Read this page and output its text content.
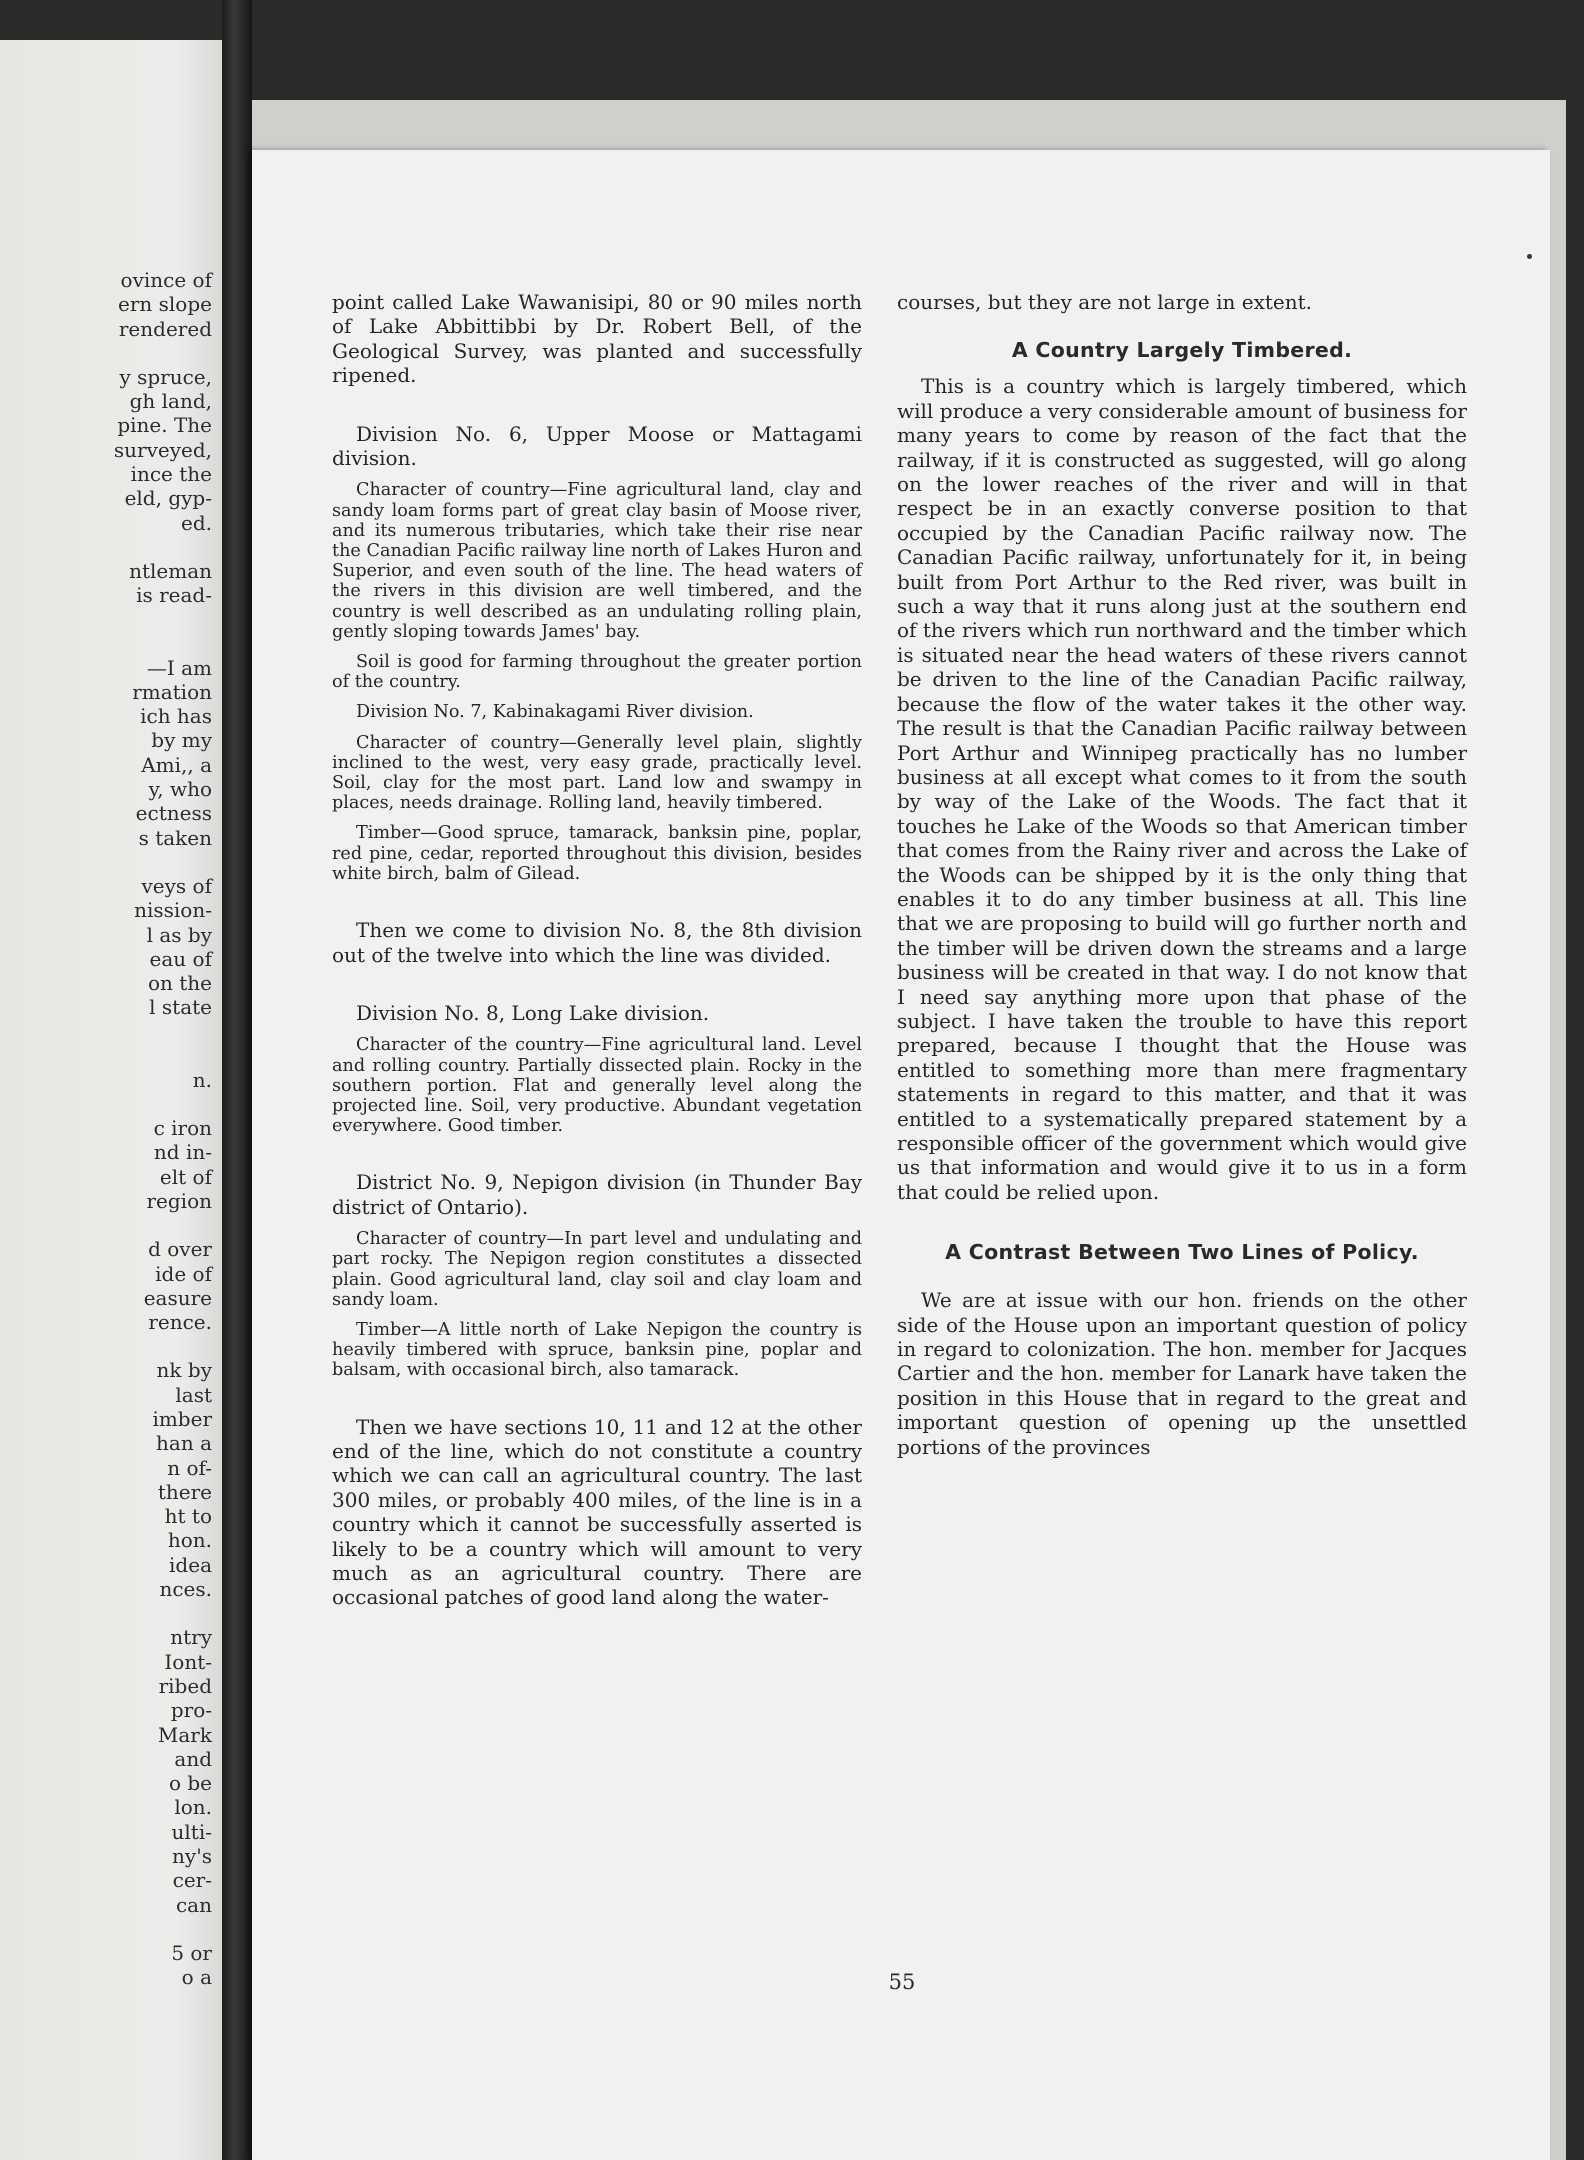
ovince of
ern slope
rendered
y spruce,
gh land,
pine. The
surveyed,
ince the
eld, gyp-
ed.
ntleman
is read-
—I am
rmation
ich has
by my
Ami,, a
y, who
ectness
s taken
veys of
nission-
l as by
eau of
on the
l state
n.
c iron
nd in-
elt of
region
d over
ide of
easure
rence.
nk by
last
imber
han a
n of-
there
ht to
hon.
idea
nces.
ntry
Iont-
ribed
pro-
Mark
and
o be
lon.
ulti-
ny's
cer-
can
5 or
o a

point called Lake Wawanisipi, 80 or 90 miles north of Lake Abbittibbi by Dr. Robert Bell, of the Geological Survey, was planted and successfully ripened.

Division No. 6, Upper Moose or Mattagami division.

Character of country—Fine agricultural land, clay and sandy loam forms part of great clay basin of Moose river, and its numerous tributaries, which take their rise near the Canadian Pacific railway line north of Lakes Huron and Superior, and even south of the line. The head waters of the rivers in this division are well timbered, and the country is well described as an undulating rolling plain, gently sloping towards James' bay.

Soil is good for farming throughout the greater portion of the country.

Division No. 7, Kabinakagami River division.

Character of country—Generally level plain, slightly inclined to the west, very easy grade, practically level. Soil, clay for the most part. Land low and swampy in places, needs drainage. Rolling land, heavily timbered.

Timber—Good spruce, tamarack, banksin pine, poplar, red pine, cedar, reported throughout this division, besides white birch, balm of Gilead.

Then we come to division No. 8, the 8th division out of the twelve into which the line was divided.

Division No. 8, Long Lake division.

Character of the country—Fine agricultural land. Level and rolling country. Partially dissected plain. Rocky in the southern portion. Flat and generally level along the projected line. Soil, very productive. Abundant vegetation everywhere. Good timber.

District No. 9, Nepigon division (in Thunder Bay district of Ontario).

Character of country—In part level and undulating and part rocky. The Nepigon region constitutes a dissected plain. Good agricultural land, clay soil and clay loam and sandy loam.

Timber—A little north of Lake Nepigon the country is heavily timbered with spruce, banksin pine, poplar and balsam, with occasional birch, also tamarack.

Then we have sections 10, 11 and 12 at the other end of the line, which do not constitute a country which we can call an agricultural country. The last 300 miles, or probably 400 miles, of the line is in a country which it cannot be successfully asserted is likely to be a country which will amount to very much as an agricultural country. There are occasional patches of good land along the water-

courses, but they are not large in extent.

A Country Largely Timbered.

This is a country which is largely timbered, which will produce a very considerable amount of business for many years to come by reason of the fact that the railway, if it is constructed as suggested, will go along on the lower reaches of the river and will in that respect be in an exactly converse position to that occupied by the Canadian Pacific railway now. The Canadian Pacific railway, unfortunately for it, in being built from Port Arthur to the Red river, was built in such a way that it runs along just at the southern end of the rivers which run northward and the timber which is situated near the head waters of these rivers cannot be driven to the line of the Canadian Pacific railway, because the flow of the water takes it the other way. The result is that the Canadian Pacific railway between Port Arthur and Winnipeg practically has no lumber business at all except what comes to it from the south by way of the Lake of the Woods. The fact that it touches he Lake of the Woods so that American timber that comes from the Rainy river and across the Lake of the Woods can be shipped by it is the only thing that enables it to do any timber business at all. This line that we are proposing to build will go further north and the timber will be driven down the streams and a large business will be created in that way. I do not know that I need say anything more upon that phase of the subject. I have taken the trouble to have this report prepared, because I thought that the House was entitled to something more than mere fragmentary statements in regard to this matter, and that it was entitled to a systematically prepared statement by a responsible officer of the government which would give us that information and would give it to us in a form that could be relied upon.

A Contrast Between Two Lines of Policy.

We are at issue with our hon. friends on the other side of the House upon an important question of policy in regard to colonization. The hon. member for Jacques Cartier and the hon. member for Lanark have taken the position in this House that in regard to the great and important question of opening up the unsettled portions of the provinces

55
